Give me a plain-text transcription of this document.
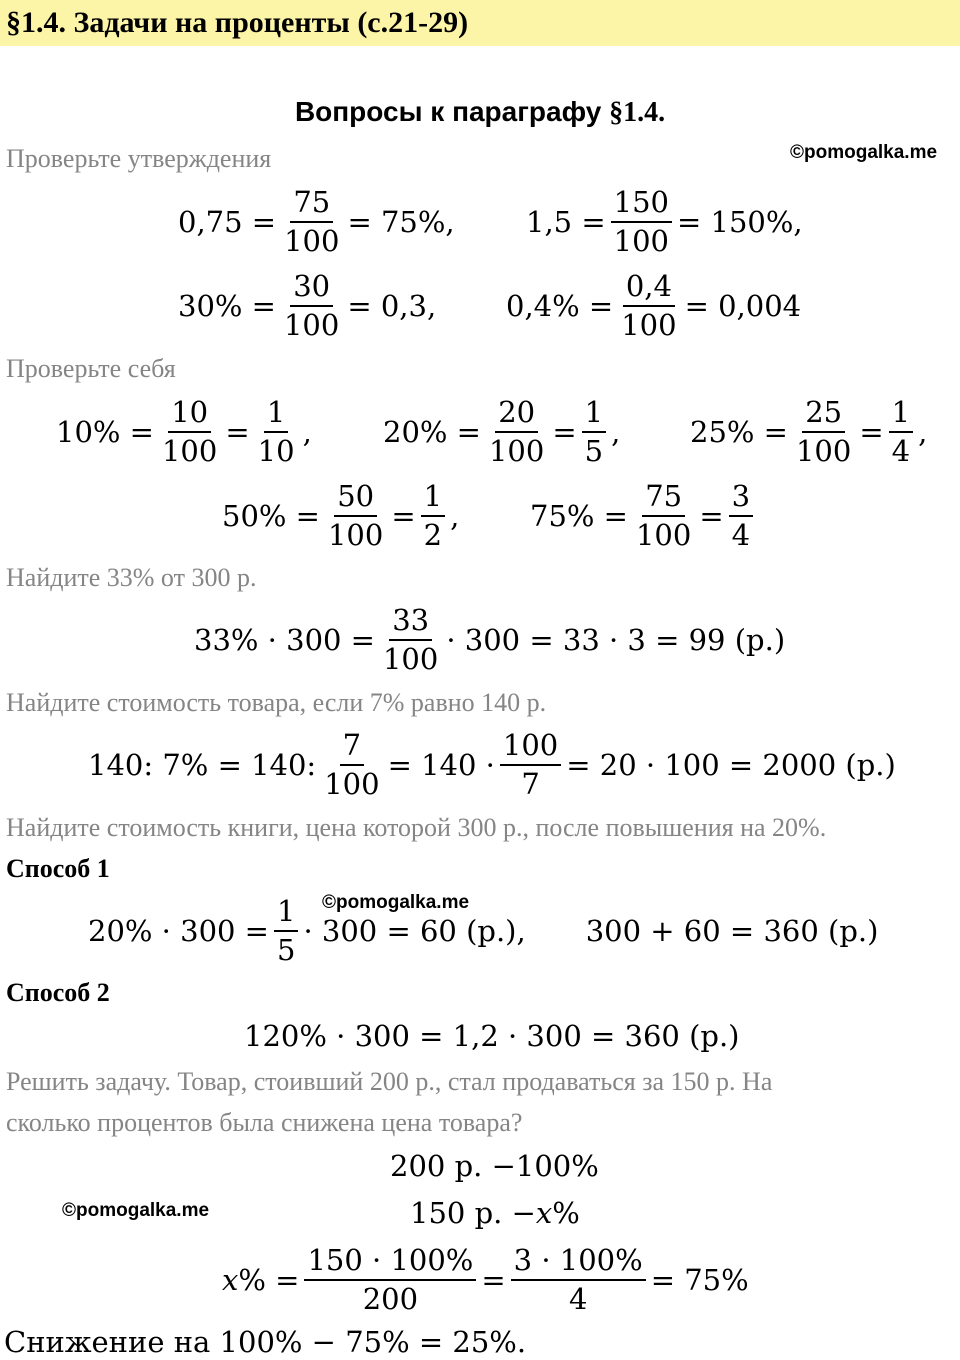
§1.4. Задачи на проценты (с.21-29)
Вопросы к параграфу §1.4.
©pomogalka.me
Проверьте утверждения
$0,75 = \frac{75}{100} = 75\%$, $1,5 = \frac{150}{100} = 150\%$,
$30\% = \frac{30}{100} = 0,3$, $0,4\% = \frac{0,4}{100} = 0,004$
Проверьте себя
$10\% = \frac{10}{100} = \frac{1}{10}$ , $20\% = \frac{20}{100} = \frac{1}{5}$ , $25\% = \frac{25}{100} = \frac{1}{4}$ ,
$50\% = \frac{50}{100} = \frac{1}{2}$ , $75\% = \frac{75}{100} = \frac{3}{4}$
Найдите 33% от 300 р.
$33\% \cdot 300 = \frac{33}{100} \cdot 300 = 33 \cdot 3 = 99$ (р.)
Найдите стоимость товара, если 7% равно 140 р.
140: 7% = 140: $\frac{7}{100} = 140 \cdot \frac{100}{7} = 20 \cdot 100 = 2000$ (р.)
Найдите стоимость книги, цена которой 300 р., после повышения на 20%.
Способ 1
©pomogalka.me
$20\% \cdot 300 = \frac{1}{5} \cdot 300 = 60$ (р.), 300 + 60 = 360 (р.)
Способ 2
120% · 300 = 1,2 · 300 = 360 (р.)
Решить задачу. Товар, стоивший 200 р., стал продаваться за 150 р. На
сколько процентов была снижена цена товара?
200 р. −100%
©pomogalka.me	150 р. −x%
x % = $\frac{150 \cdot 100\%}{200} = \frac{3 \cdot 100\%}{4} = 75\%$
Снижение на 100% − 75% = 25%.
